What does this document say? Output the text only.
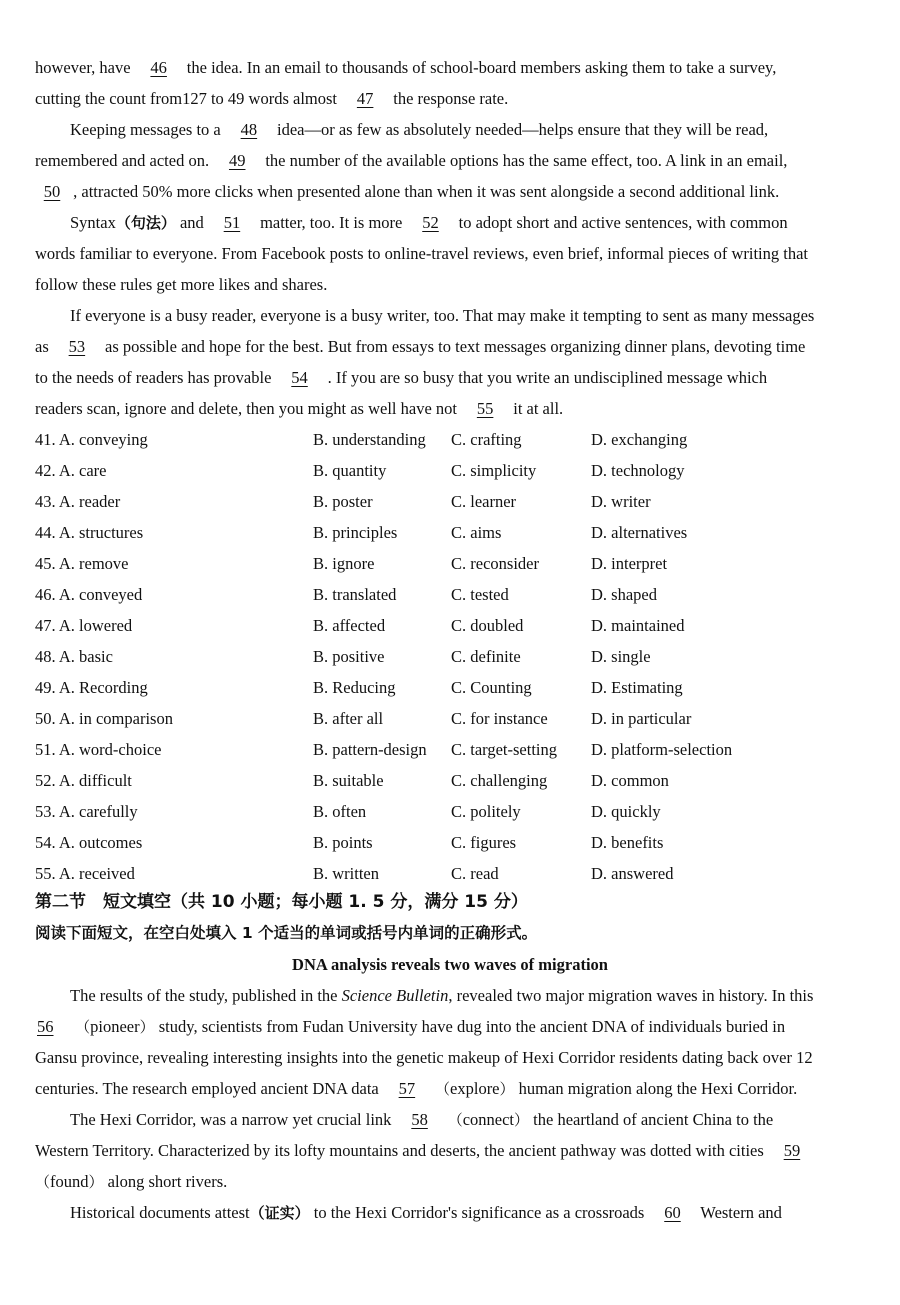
however, have 46 the idea. In an email to thousands of school-board members asking them to take a survey,
cutting the count from127 to 49 words almost 47 the response rate.
Keeping messages to a 48 idea—or as few as absolutely needed—helps ensure that they will be read,
remembered and acted on. 49 the number of the available options has the same effect, too. A link in an email,
50 , attracted 50% more clicks when presented alone than when it was sent alongside a second additional link.
Syntax（句法） and 51 matter, too. It is more 52 to adopt short and active sentences, with common
words familiar to everyone. From Facebook posts to online-travel reviews, even brief, informal pieces of writing that
follow these rules get more likes and shares.
If everyone is a busy reader, everyone is a busy writer, too. That may make it tempting to sent as many messages
as 53 as possible and hope for the best. But from essays to text messages organizing dinner plans, devoting time
to the needs of readers has provable 54 . If you are so busy that you write an undisciplined message which
readers scan, ignore and delete, then you might as well have not 55 it at all.
41. A. conveying	B. understanding C. crafting	D. exchanging
42. A. care	B. quantity	C. simplicity	D. technology
43. A. reader	B. poster	C. learner	D. writer
44. A. structures	B. principles	C. aims	D. alternatives
45. A. remove	B. ignore	C. reconsider	D. interpret
46. A. conveyed	B. translated	C. tested	D. shaped
47. A. lowered	B. affected	C. doubled	D. maintained
48. A. basic	B. positive	C. definite	D. single
49. A. Recording	B. Reducing	C. Counting	D. Estimating
50. A. in comparison	B. after all	C. for instance	D. in particular
51. A. word-choice	B. pattern-design C. target-setting D. platform-selection
52. A. difficult	B. suitable	C. challenging	D. common
53. A. carefully	B. often	C. politely	D. quickly
54. A. outcomes	B. points	C. figures	D. benefits
55. A. received	B. written	C. read	D. answered
第二节　短文填空（共 10 小题；每小题 1. 5 分，满分 15 分）
阅读下面短文，在空白处填入 1 个适当的单词或括号内单词的正确形式。
DNA analysis reveals two waves of migration
The results of the study, published in the Science Bulletin, revealed two major migration waves in history. In this
56 （pioneer） study, scientists from Fudan University have dug into the ancient DNA of individuals buried in
Gansu province, revealing interesting insights into the genetic makeup of Hexi Corridor residents dating back over 12
centuries. The research employed ancient DNA data 57 （explore） human migration along the Hexi Corridor.
The Hexi Corridor, was a narrow yet crucial link 58 （connect） the heartland of ancient China to the
Western Territory. Characterized by its lofty mountains and deserts, the ancient pathway was dotted with cities 59
（found） along short rivers.
Historical documents attest（证实） to the Hexi Corridor's significance as a crossroads 60 Western and
